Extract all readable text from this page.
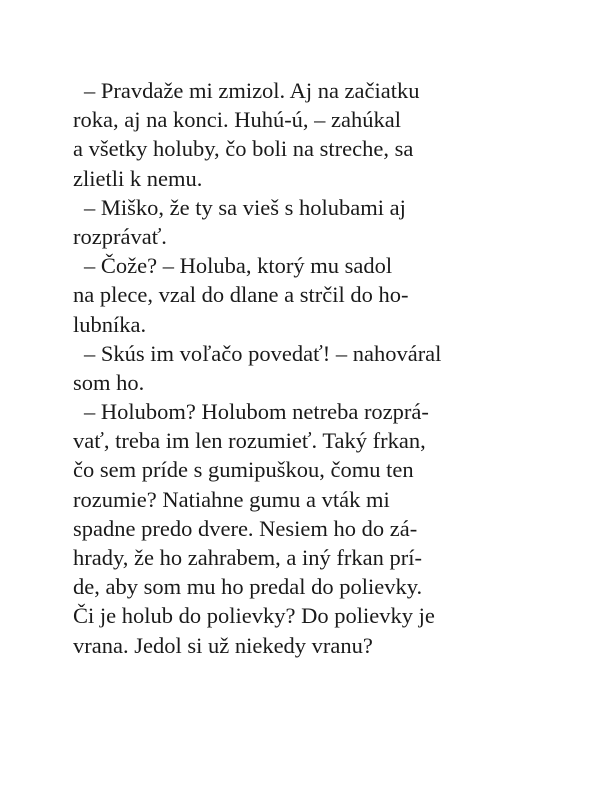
– Pravdaže mi zmizol. Aj na začiatku
roka, aj na konci. Huhú-ú, – zahúkal
a všetky holuby, čo boli na streche, sa
zlietli k nemu.
– Miško, že ty sa vieš s holubami aj
rozprávať.
– Čože? – Holuba, ktorý mu sadol
na plece, vzal do dlane a strčil do ho-
lubníka.
– Skús im voľačo povedať! – nahováral
som ho.
– Holubom? Holubom netreba rozprá-
vať, treba im len rozumieť. Taký frkan,
čo sem príde s gumipuškou, čomu ten
rozumie? Natiahne gumu a vták mi
spadne predo dvere. Nesiem ho do zá-
hrady, že ho zahrabem, a iný frkan prí-
de, aby som mu ho predal do polievky.
Či je holub do polievky? Do polievky je
vrana. Jedol si už niekedy vranu?
